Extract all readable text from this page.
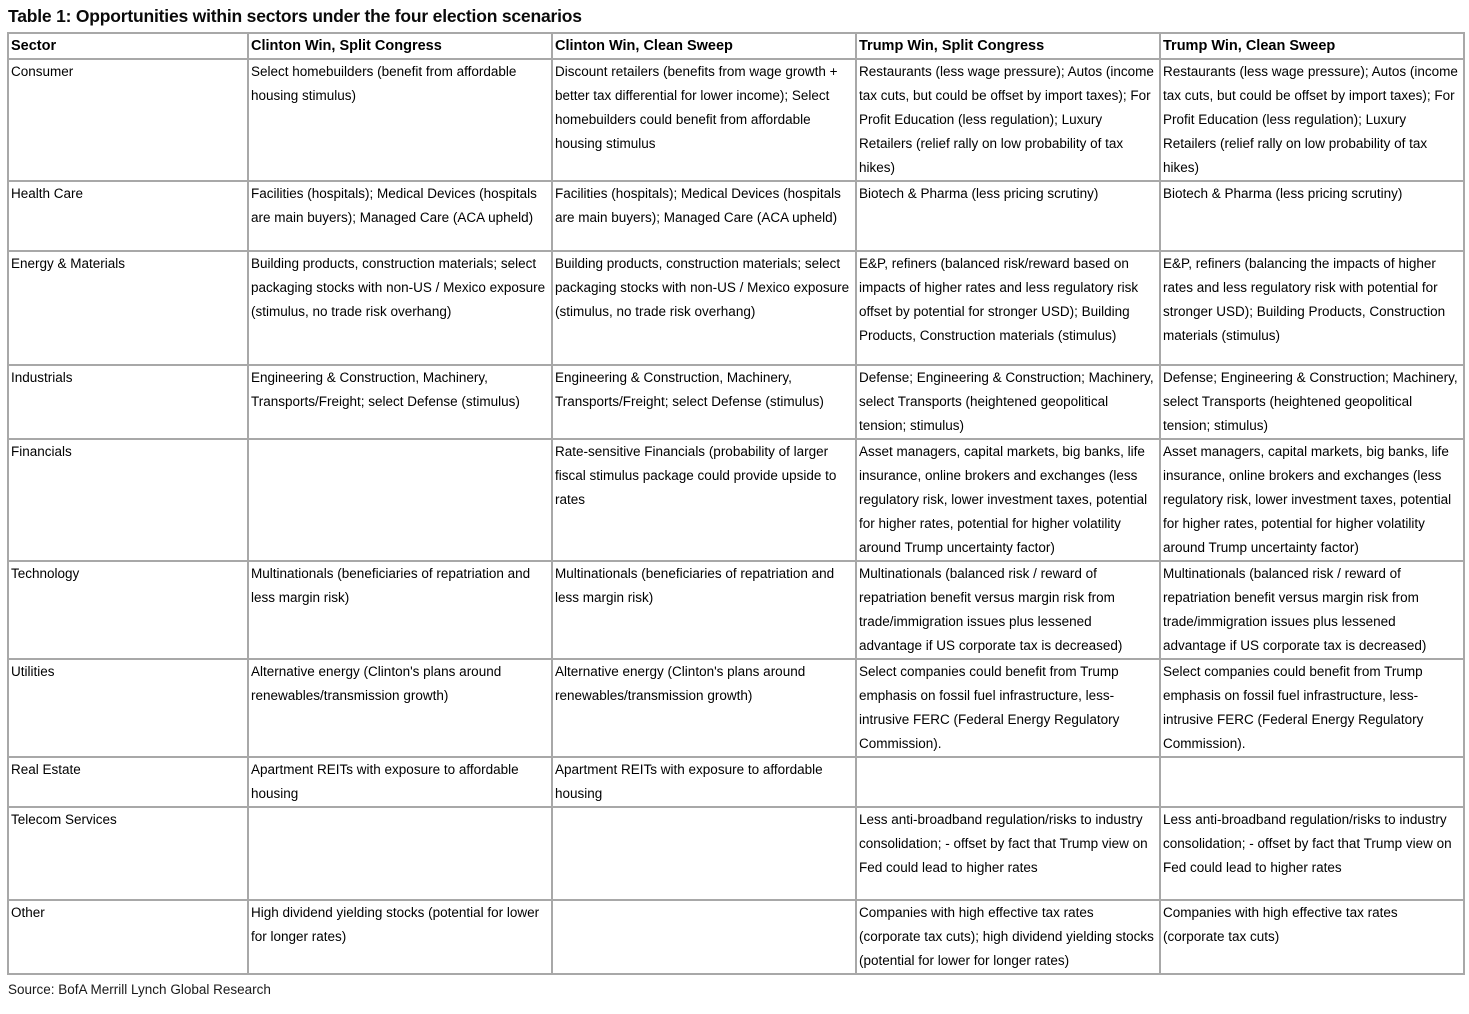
Table 1: Opportunities within sectors under the four election scenarios
Sector	Clinton Win, Split Congress	Clinton Win, Clean Sweep	Trump Win, Split Congress	Trump Win, Clean Sweep
Consumer	Select homebuilders (benefit from affordable housing stimulus)	Discount retailers (benefits from wage growth + better tax differential for lower income); Select homebuilders could benefit from affordable housing stimulus	Restaurants (less wage pressure); Autos (income tax cuts, but could be offset by import taxes); For Profit Education (less regulation); Luxury Retailers (relief rally on low probability of tax hikes)	Restaurants (less wage pressure); Autos (income tax cuts, but could be offset by import taxes); For Profit Education (less regulation); Luxury Retailers (relief rally on low probability of tax hikes)
Health Care	Facilities (hospitals); Medical Devices (hospitals are main buyers); Managed Care (ACA upheld)	Facilities (hospitals); Medical Devices (hospitals are main buyers); Managed Care (ACA upheld)	Biotech & Pharma (less pricing scrutiny)	Biotech & Pharma (less pricing scrutiny)
Energy & Materials	Building products, construction materials; select packaging stocks with non-US / Mexico exposure (stimulus, no trade risk overhang)	Building products, construction materials; select packaging stocks with non-US / Mexico exposure (stimulus, no trade risk overhang)	E&P, refiners (balanced risk/reward based on impacts of higher rates and less regulatory risk offset by potential for stronger USD); Building Products, Construction materials (stimulus)	E&P, refiners (balancing the impacts of higher rates and less regulatory risk with potential for stronger USD); Building Products, Construction materials (stimulus)
Industrials	Engineering & Construction, Machinery, Transports/Freight; select Defense (stimulus)	Engineering & Construction, Machinery, Transports/Freight; select Defense (stimulus)	Defense; Engineering & Construction; Machinery, select Transports (heightened geopolitical tension; stimulus)	Defense; Engineering & Construction; Machinery, select Transports (heightened geopolitical tension; stimulus)
Financials		Rate-sensitive Financials (probability of larger fiscal stimulus package could provide upside to rates	Asset managers, capital markets, big banks, life insurance, online brokers and exchanges (less regulatory risk, lower investment taxes, potential for higher rates, potential for higher volatility around Trump uncertainty factor)	Asset managers, capital markets, big banks, life insurance, online brokers and exchanges (less regulatory risk, lower investment taxes, potential for higher rates, potential for higher volatility around Trump uncertainty factor)
Technology	Multinationals (beneficiaries of repatriation and less margin risk)	Multinationals (beneficiaries of repatriation and less margin risk)	Multinationals (balanced risk / reward of repatriation benefit versus margin risk from trade/immigration issues plus lessened advantage if US corporate tax is decreased)	Multinationals (balanced risk / reward of repatriation benefit versus margin risk from trade/immigration issues plus lessened advantage if US corporate tax is decreased)
Utilities	Alternative energy (Clinton's plans around renewables/transmission growth)	Alternative energy (Clinton's plans around renewables/transmission growth)	Select companies could benefit from Trump emphasis on fossil fuel infrastructure, less-intrusive FERC (Federal Energy Regulatory Commission).	Select companies could benefit from Trump emphasis on fossil fuel infrastructure, less-intrusive FERC (Federal Energy Regulatory Commission).
Real Estate	Apartment REITs with exposure to affordable housing	Apartment REITs with exposure to affordable housing		
Telecom Services			Less anti-broadband regulation/risks to industry consolidation; - offset by fact that Trump view on Fed could lead to higher rates	Less anti-broadband regulation/risks to industry consolidation; - offset by fact that Trump view on Fed could lead to higher rates
Other	High dividend yielding stocks (potential for lower for longer rates)		Companies with high effective tax rates (corporate tax cuts); high dividend yielding stocks (potential for lower for longer rates)	Companies with high effective tax rates (corporate tax cuts)
Source: BofA Merrill Lynch Global Research
